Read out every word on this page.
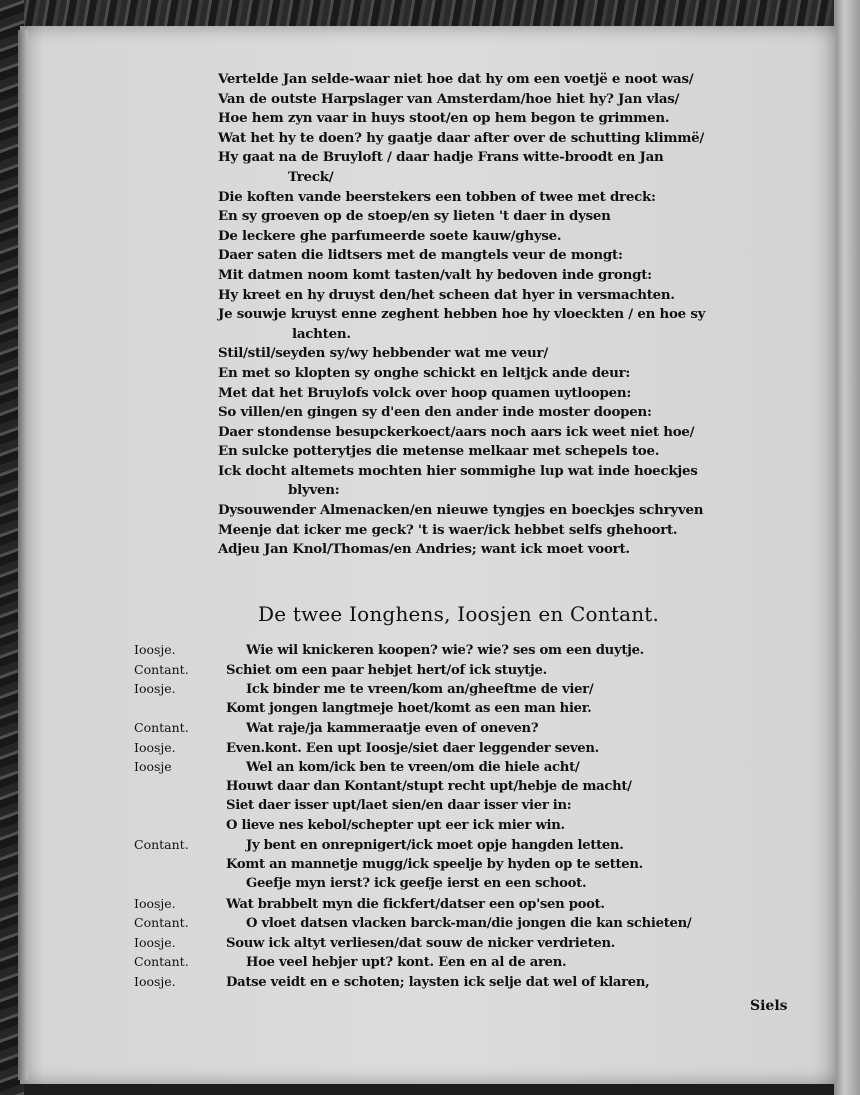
Vertelde Jan selde-waar niet hoe dat hy om een voetjë e noot was/
Van de outste Harpslager van Amsterdam/hoe hiet hy? Jan vlas/
Hoe hem zyn vaar in huys stoot/en op hem begon te grimmen.
Wat het hy te doen? hy gaatje daar after over de schutting klimmë/
Hy gaat na de Bruyloft / daar hadje Frans witte-broodt en Jan
Treck/
Die koften vande beerstekers een tobben of twee met dreck:
En sy groeven op de stoep/en sy lieten 't daer in dysen
De leckere ghe parfumeerde soete kauw/ghyse.
Daer saten die lidtsers met de mangtels veur de mongt:
Mit datmen noom komt tasten/valt hy bedoven inde grongt:
Hy kreet en hy druyst den/het scheen dat hyer in versmachten.
Je souwje kruyst enne zeghent hebben hoe hy vloeckten / en hoe sy
lachten.
Stil/stil/seyden sy/wy hebbender wat me veur/
En met so klopten sy onghe schickt en leltjck ande deur:
Met dat het Bruylofs volck over hoop quamen uytloopen:
So villen/en gingen sy d'een den ander inde moster doopen:
Daer stondense besupckerkoect/aars noch aars ick weet niet hoe/
En sulcke potterytjes die metense melkaar met schepels toe.
Ick docht altemets mochten hier sommighe lup wat inde hoeckjes
blyven:
Dysouwender Almenacken/en nieuwe tyngjes en boeckjes schryven
Meenje dat icker me geck? 't is waer/ick hebbet selfs ghehoort.
Adjeu Jan Knol/Thomas/en Andries; want ick moet voort.
De twee Ionghens, Ioosjen en Contant.
Ioosje.	Wie wil knickeren koopen? wie? wie? ses om een duytje.
Contant.	Schiet om een paar hebjet hert/of ick stuytje.
Ioosje.	Ick binder me te vreen/kom an/gheeftme de vier/
Komt jongen langtmeje hoet/komt as een man hier.
Contant.	Wat raje/ja kammeraatje even of oneven?
Ioosje.	Even.kont. Een upt Ioosje/siet daer leggender seven.
Ioosje	Wel an kom/ick ben te vreen/om die hiele acht/
Houwt daar dan Kontant/stupt recht upt/hebje de macht/
Siet daer isser upt/laet sien/en daar isser vier in:
O lieve nes kebol/schepter upt eer ick mier win.
Contant.	Jy bent en onrepnigert/ick moet opje hangden letten.
Komt an mannetje mugg/ick speelje by hyden op te setten.
Geefje myn ierst? ick geefje ierst en een schoot.
Ioosje.	Wat brabbelt myn die fickfert/datser een op'sen poot.
Contant.	O vloet datsen vlacken barck-man/die jongen die kan schieten/
Ioosje.	Souw ick altyt verliesen/dat souw de nicker verdrieten.
Contant.	Hoe veel hebjer upt? kont. Een en al de aren.
Ioosje.	Datse veidt en e schoten; laysten ick selje dat wel of klaren,
Siels
